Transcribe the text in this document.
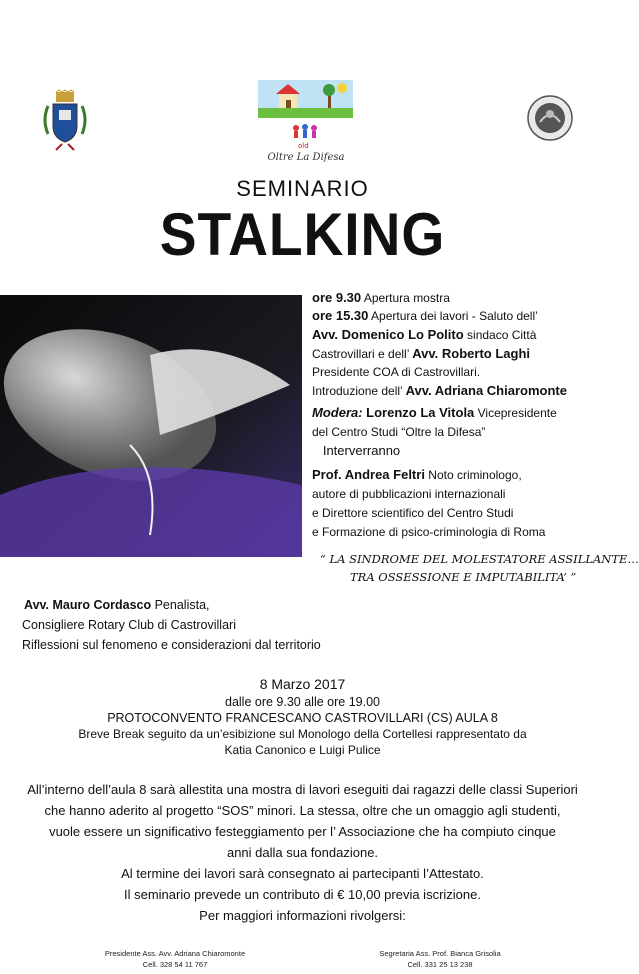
old
Oltre La Difesa
SEMINARIO
STALKING
ore 9.30 Apertura mostra
ore 15.30 Apertura dei lavori - Saluto dell’
Avv. Domenico Lo Polito sindaco Città
Castrovillari e dell’ Avv. Roberto Laghi
Presidente COA di Castrovillari.
Introduzione dell’ Avv. Adriana Chiaromonte
Modera: Lorenzo La Vitola Vicepresidente
del Centro Studi “Oltre la Difesa”
Interverranno
Prof. Andrea Feltri Noto criminologo,
autore di pubblicazioni internazionali
e Direttore scientifico del Centro Studi
e Formazione di psico-criminologia di Roma
“ LA SINDROME DEL MOLESTATORE ASSILLANTE…
TRA OSSESSIONE E IMPUTABILITA’ ”
Avv. Mauro Cordasco Penalista,
Consigliere Rotary Club di Castrovillari
Riflessioni sul fenomeno e considerazioni dal territorio
8 Marzo 2017
dalle ore 9.30 alle ore 19.00
PROTOCONVENTO FRANCESCANO CASTROVILLARI (CS) AULA 8
Breve Break seguito da un’esibizione sul Monologo della Cortellesi rappresentato da
Katia Canonico e Luigi Pulice
All’interno dell’aula 8 sarà allestita una mostra di lavori eseguiti dai ragazzi delle classi Superiori
che hanno aderito al progetto “SOS” minori. La stessa, oltre che un omaggio agli studenti,
vuole essere un significativo festeggiamento per l’ Associazione che ha compiuto cinque
anni dalla sua fondazione.
Al termine dei lavori sarà consegnato ai partecipanti l’Attestato.
Il seminario prevede un contributo di € 10,00 previa iscrizione.
Per maggiori informazioni rivolgersi:
Presidente Ass. Avv. Adriana Chiaromonte
Cell. 328 54 11 767
Segretaria Ass. Prof. Bianca Grisolia
Cell. 331 25 13 238
